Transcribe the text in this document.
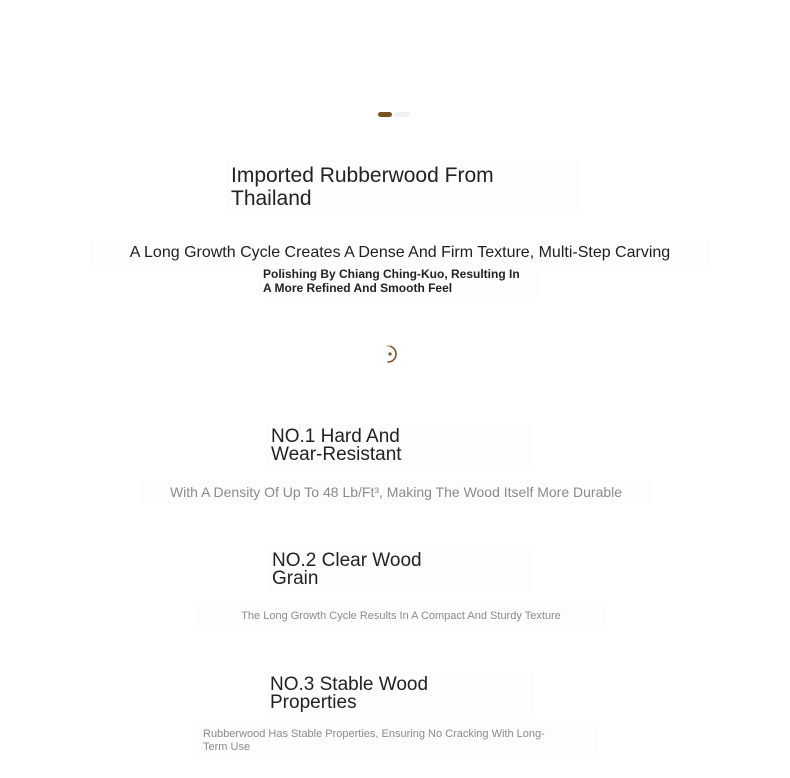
Imported Rubberwood From Thailand
A Long Growth Cycle Creates A Dense And Firm Texture, Multi-Step Carving
Polishing By Chiang Ching-Kuo, Resulting In A More Refined And Smooth Feel
NO.1 Hard And Wear-Resistant
With A Density Of Up To 48 Lb/Ft³, Making The Wood Itself More Durable
NO.2 Clear Wood Grain
The Long Growth Cycle Results In A Compact And Sturdy Texture
NO.3 Stable Wood Properties
Rubberwood Has Stable Properties, Ensuring No Cracking With Long-Term Use
